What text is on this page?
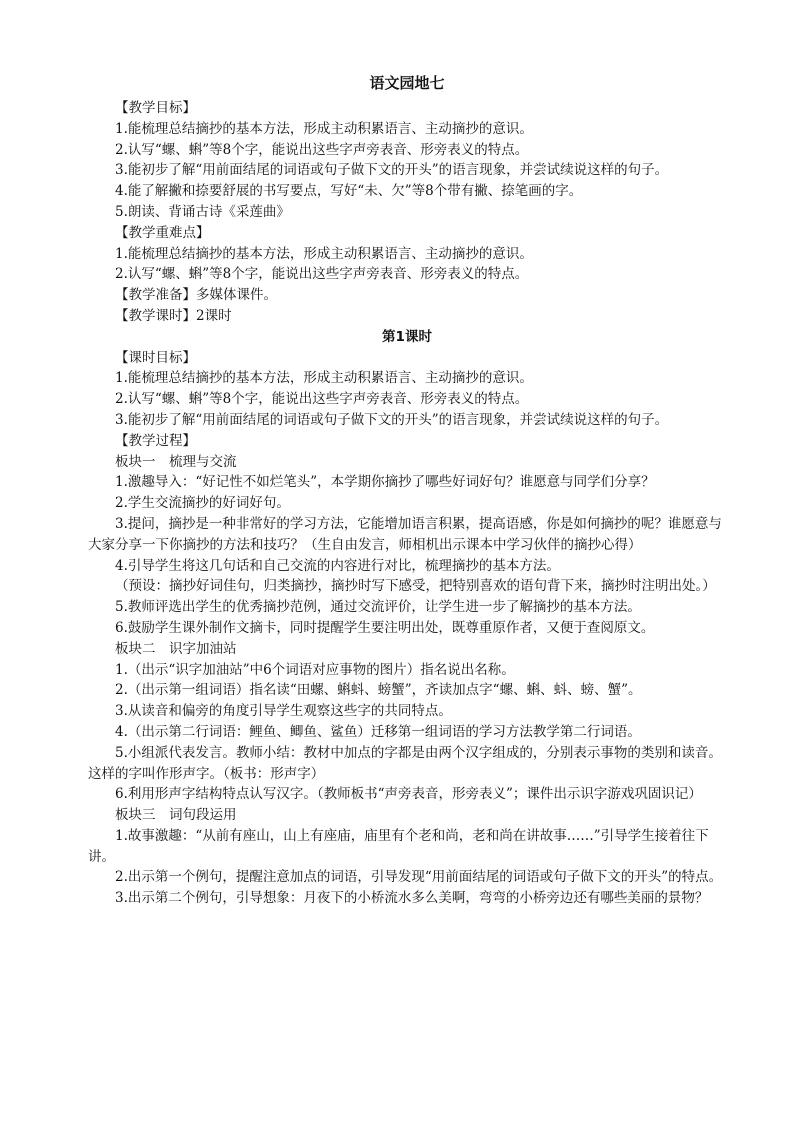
语文园地七
【教学目标】
1.能梳理总结摘抄的基本方法，形成主动积累语言、主动摘抄的意识。
2.认写“螺、蝌”等8个字，能说出这些字声旁表音、形旁表义的特点。
3.能初步了解“用前面结尾的词语或句子做下文的开头”的语言现象，并尝试续说这样的句子。
4.能了解撇和捺要舒展的书写要点，写好“未、欠”等8个带有撇、捺笔画的字。
5.朗读、背诵古诗《采莲曲》
【教学重难点】
1.能梳理总结摘抄的基本方法，形成主动积累语言、主动摘抄的意识。
2.认写“螺、蝌”等8个字，能说出这些字声旁表音、形旁表义的特点。
【教学准备】多媒体课件。
【教学课时】2课时
第1课时
【课时目标】
1.能梳理总结摘抄的基本方法，形成主动积累语言、主动摘抄的意识。
2.认写“螺、蝌”等8个字，能说出这些字声旁表音、形旁表义的特点。
3.能初步了解“用前面结尾的词语或句子做下文的开头”的语言现象，并尝试续说这样的句子。
【教学过程】
板块一　梳理与交流
1.激趣导入：“好记性不如烂笔头”，本学期你摘抄了哪些好词好句？谁愿意与同学们分享？
2.学生交流摘抄的好词好句。
3.提问，摘抄是一种非常好的学习方法，它能增加语言积累，提高语感，你是如何摘抄的呢？谁愿意与大家分享一下你摘抄的方法和技巧？（生自由发言，师相机出示课本中学习伙伴的摘抄心得）
4.引导学生将这几句话和自己交流的内容进行对比，梳理摘抄的基本方法。
（预设：摘抄好词佳句，归类摘抄，摘抄时写下感受，把特别喜欢的语句背下来，摘抄时注明出处。）
5.教师评选出学生的优秀摘抄范例，通过交流评价，让学生进一步了解摘抄的基本方法。
6.鼓励学生课外制作文摘卡，同时提醒学生要注明出处，既尊重原作者，又便于查阅原文。
板块二　识字加油站
1.（出示“识字加油站”中6个词语对应事物的图片）指名说出名称。
2.（出示第一组词语）指名读“田螺、蝌蚪、螃蟹”，齐读加点字“螺、蝌、蚪、螃、蟹”。
3.从读音和偏旁的角度引导学生观察这些字的共同特点。
4.（出示第二行词语：鲤鱼、鲫鱼、鲨鱼）迁移第一组词语的学习方法教学第二行词语。
5.小组派代表发言。教师小结：教材中加点的字都是由两个汉字组成的，分别表示事物的类别和读音。这样的字叫作形声字。（板书：形声字）
6.利用形声字结构特点认写汉字。（教师板书“声旁表音，形旁表义”；课件出示识字游戏巩固识记）
板块三　词句段运用
1.故事激趣：“从前有座山，山上有座庙，庙里有个老和尚，老和尚在讲故事……”引导学生接着往下讲。
2.出示第一个例句，提醒注意加点的词语，引导发现“用前面结尾的词语或句子做下文的开头”的特点。
3.出示第二个例句，引导想象：月夜下的小桥流水多么美啊，弯弯的小桥旁边还有哪些美丽的景物？
